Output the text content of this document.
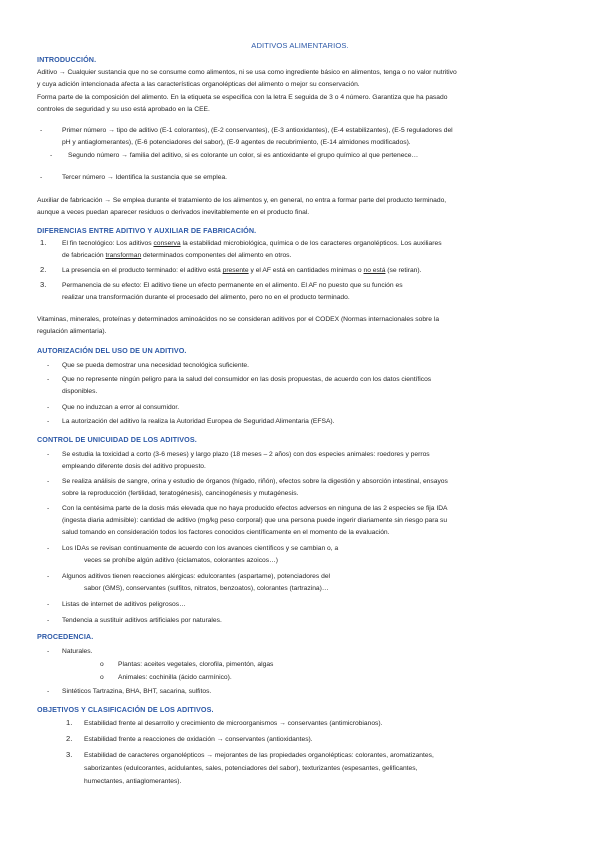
ADITIVOS ALIMENTARIOS.
INTRODUCCIÓN.
Aditivo → Cualquier sustancia que no se consume como alimentos, ni se usa como ingrediente básico en alimentos, tenga o no valor nutritivo
y cuya adición intencionada afecta a las características organolépticas del alimento o mejor su conservación.
Forma parte de la composición del alimento. En la etiqueta se especifica con la letra E seguida de 3 o 4 número. Garantiza que ha pasado
controles de seguridad y su uso está aprobado en la CEE.
-	Primer número → tipo de aditivo (E-1 colorantes), (E-2 conservantes), (E-3 antioxidantes), (E-4 estabilizantes), (E-5 reguladores del
pH y antiaglomerantes), (E-6 potenciadores del sabor), (E-9 agentes de recubrimiento, (E-14 almidones modificados).
- Segundo número → familia del aditivo, si es colorante un color, si es antioxidante el grupo químico al que pertenece…
-	Tercer número → Identifica la sustancia que se emplea.
Auxiliar de fabricación → Se emplea durante el tratamiento de los alimentos y, en general, no entra a formar parte del producto terminado,
aunque a veces puedan aparecer residuos o derivados inevitablemente en el producto final.
DIFERENCIAS ENTRE ADITIVO Y AUXILIAR DE FABRICACIÓN.
1. El fin tecnológico: Los aditivos conserva la estabilidad microbiológica, química o de los caracteres organolépticos. Los auxiliares
de fabricación transforman determinados componentes del alimento en otros.
2. La presencia en el producto terminado: el aditivo está presente y el AF está en cantidades mínimas o no está (se retiran).
3. Permanencia de su efecto: El aditivo tiene un efecto permanente en el alimento. El AF no puesto que su función es
realizar una transformación durante el procesado del alimento, pero no en el producto terminado.
Vitaminas, minerales, proteínas y determinados aminoácidos no se consideran aditivos por el CODEX (Normas internacionales sobre la
regulación alimentaria).
AUTORIZACIÓN DEL USO DE UN ADITIVO.
- Que se pueda demostrar una necesidad tecnológica suficiente.
- Que no represente ningún peligro para la salud del consumidor en las dosis propuestas, de acuerdo con los datos científicos
disponibles.
- Que no induzcan a error al consumidor.
- La autorización del aditivo la realiza la Autoridad Europea de Seguridad Alimentaria (EFSA).
CONTROL DE UNICUIDAD DE LOS ADITIVOS.
- Se estudia la toxicidad a corto (3-6 meses) y largo plazo (18 meses – 2 años) con dos especies animales: roedores y perros
empleando diferente dosis del aditivo propuesto.
- Se realiza análisis de sangre, orina y estudio de órganos (hígado, riñón), efectos sobre la digestión y absorción intestinal, ensayos
sobre la reproducción (fertilidad, teratogénesis), cancinogénesis y mutagénesis.
- Con la centésima parte de la dosis más elevada que no haya producido efectos adversos en ninguna de las 2 especies se fija IDA
(ingesta diaria admisible): cantidad de aditivo (mg/kg peso corporal) que una persona puede ingerir diariamente sin riesgo para su
salud tomando en consideración todos los factores conocidos científicamente en el momento de la evaluación.
- Los IDAs se revisan continuamente de acuerdo con los avances científicos y se cambian o, a
veces se prohíbe algún aditivo (ciclamatos, colorantes azoicos…)
- Algunos aditivos tienen reacciones alérgicas: edulcorantes (aspartame), potenciadores del
sabor (GMS), conservantes (sulfitos, nitratos, benzoatos), colorantes (tartrazina)…
- Listas de internet de aditivos peligrosos…
- Tendencia a sustituir aditivos artificiales por naturales.
PROCEDENCIA.
- Naturales.
o Plantas: aceites vegetales, clorofila, pimentón, algas
o Animales: cochinilla (ácido carmínico).
- Sintéticos Tartrazina, BHA, BHT, sacarina, sulfitos.
OBJETIVOS Y CLASIFICACIÓN DE LOS ADITIVOS.
1. Estabilidad frente al desarrollo y crecimiento de microorganismos → conservantes (antimicrobianos).
2. Estabilidad frente a reacciones de oxidación → conservantes (antioxidantes).
3. Estabilidad de caracteres organolépticos → mejorantes de las propiedades organolépticas: colorantes, aromatizantes,
saborizantes (edulcorantes, acidulantes, sales, potenciadores del sabor), texturizantes (espesantes, gelificantes,
humectantes, antiaglomerantes).
